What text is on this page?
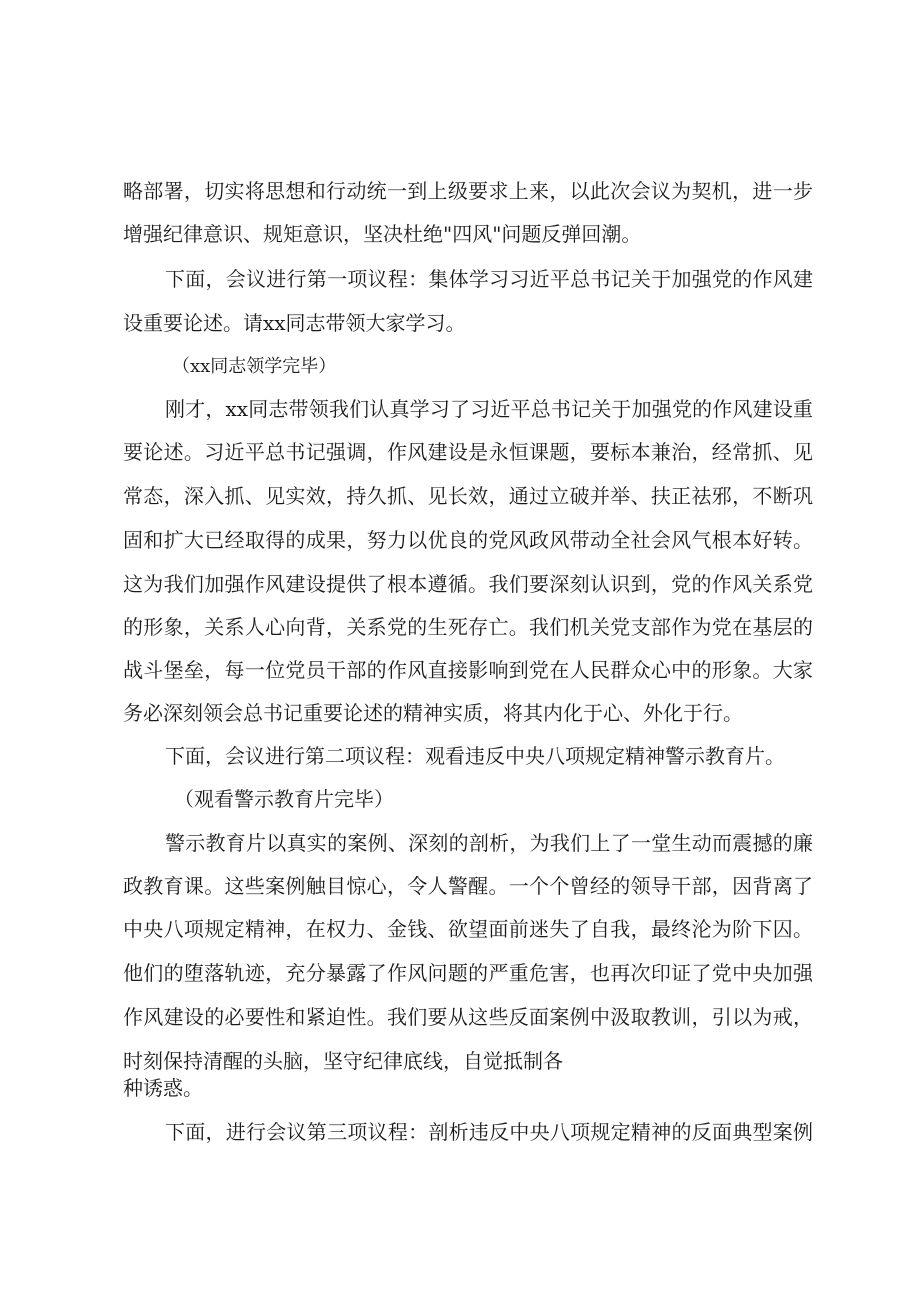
略部署，切实将思想和行动统一到上级要求上来，以此次会议为契机，进一步
增强纪律意识、规矩意识，坚决杜绝"四风"问题反弹回潮。
下面，会议进行第一项议程：集体学习习近平总书记关于加强党的作风建
设重要论述。请xx同志带领大家学习。
（xx同志领学完毕）
刚才，xx同志带领我们认真学习了习近平总书记关于加强党的作风建设重
要论述。习近平总书记强调，作风建设是永恒课题，要标本兼治，经常抓、见
常态，深入抓、见实效，持久抓、见长效，通过立破并举、扶正祛邪，不断巩
固和扩大已经取得的成果，努力以优良的党风政风带动全社会风气根本好转。
这为我们加强作风建设提供了根本遵循。我们要深刻认识到，党的作风关系党
的形象，关系人心向背，关系党的生死存亡。我们机关党支部作为党在基层的
战斗堡垒，每一位党员干部的作风直接影响到党在人民群众心中的形象。大家
务必深刻领会总书记重要论述的精神实质，将其内化于心、外化于行。
下面，会议进行第二项议程：观看违反中央八项规定精神警示教育片。
（观看警示教育片完毕）
警示教育片以真实的案例、深刻的剖析，为我们上了一堂生动而震撼的廉
政教育课。这些案例触目惊心，令人警醒。一个个曾经的领导干部，因背离了
中央八项规定精神，在权力、金钱、欲望面前迷失了自我，最终沦为阶下囚。
他们的堕落轨迹，充分暴露了作风问题的严重危害，也再次印证了党中央加强
作风建设的必要性和紧迫性。我们要从这些反面案例中汲取教训，引以为戒，
时刻保持清醒的头脑，坚守纪律底线，自觉抵制各
种诱惑。
下面，进行会议第三项议程：剖析违反中央八项规定精神的反面典型案例
